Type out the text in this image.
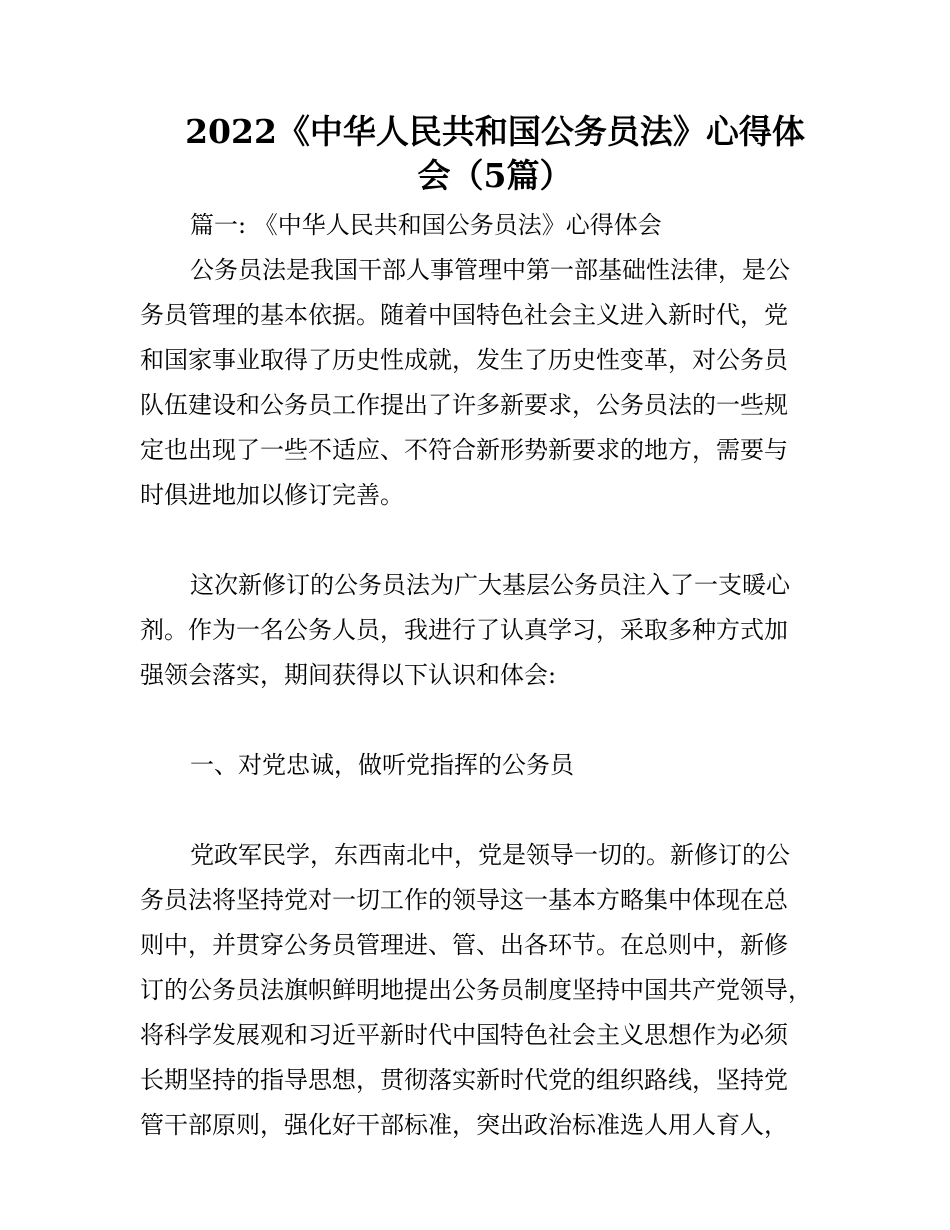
2022《中华人民共和国公务员法》心得体
会（5篇）
篇一: 《中华人民共和国公务员法》心得体会
公务员法是我国干部人事管理中第一部基础性法律，是公
务员管理的基本依据。随着中国特色社会主义进入新时代，党
和国家事业取得了历史性成就，发生了历史性变革，对公务员
队伍建设和公务员工作提出了许多新要求，公务员法的一些规
定也出现了一些不适应、不符合新形势新要求的地方，需要与
时俱进地加以修订完善。
这次新修订的公务员法为广大基层公务员注入了一支暖心
剂。作为一名公务人员，我进行了认真学习，采取多种方式加
强领会落实，期间获得以下认识和体会:
一、对党忠诚，做听党指挥的公务员
党政军民学，东西南北中，党是领导一切的。新修订的公
务员法将坚持党对一切工作的领导这一基本方略集中体现在总
则中，并贯穿公务员管理进、管、出各环节。在总则中，新修
订的公务员法旗帜鲜明地提出公务员制度坚持中国共产党领导，
将科学发展观和习近平新时代中国特色社会主义思想作为必须
长期坚持的指导思想，贯彻落实新时代党的组织路线，坚持党
管干部原则，强化好干部标准，突出政治标准选人用人育人，
